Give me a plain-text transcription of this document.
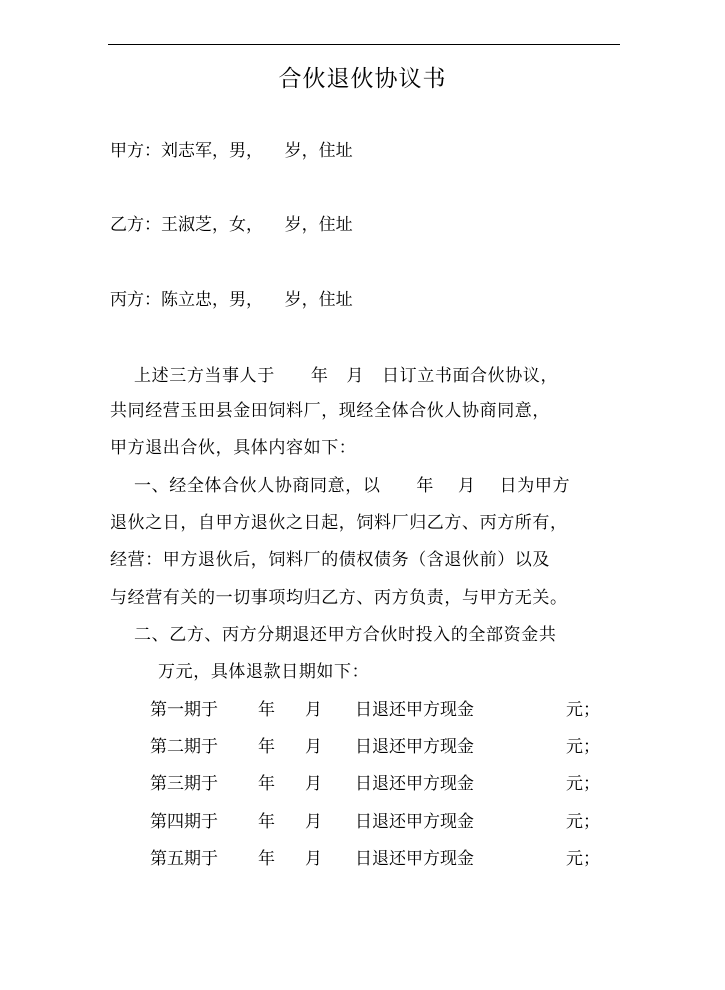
合伙退伙协议书
甲方：刘志军，男，    岁，住址
乙方：王淑芝，女，    岁，住址
丙方：陈立忠，男，    岁，住址
上述三方当事人于      年   月   日订立书面合伙协议，
共同经营玉田县金田饲料厂，现经全体合伙人协商同意，
甲方退出合伙，具体内容如下：
一、经全体合伙人协商同意，以      年    月    日为甲方
退伙之日，自甲方退伙之日起，饲料厂归乙方、丙方所有，
经营：甲方退伙后，饲料厂的债权债务（含退伙前）以及
与经营有关的一切事项均归乙方、丙方负责，与甲方无关。
二、乙方、丙方分期退还甲方合伙时投入的全部资金共
万元，具体退款日期如下：
第一期于 年 月 日退还甲方现金	元；
第二期于 年 月 日退还甲方现金	元；
第三期于 年 月 日退还甲方现金	元；
第四期于 年 月 日退还甲方现金	元；
第五期于 年 月 日退还甲方现金	元；
